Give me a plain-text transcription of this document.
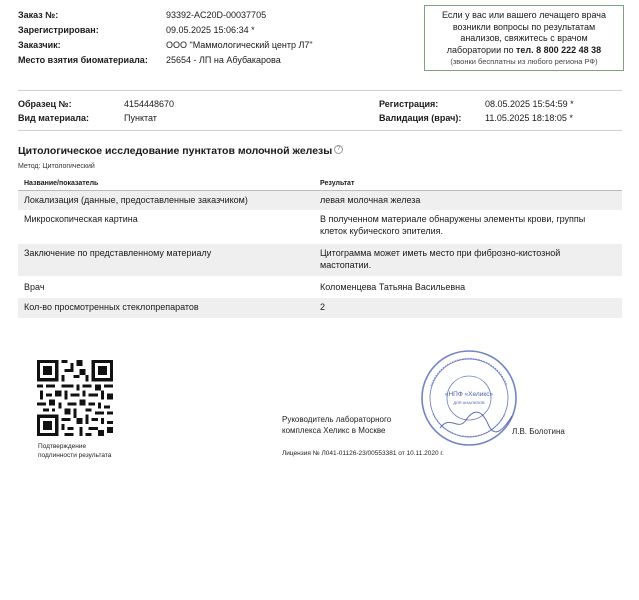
Заказ №:	93392-AC20D-00037705
Зарегистрирован:	09.05.2025 15:06:34 *
Заказчик:	ООО "Маммологический центр Л7"
Место взятия биоматериала: 25654 - ЛП на Абубакарова
Если у вас или вашего лечащего врача
возникли вопросы по результатам
анализов, свяжитесь с врачом
лаборатории по тел. 8 800 222 48 38
(звонки бесплатны из любого региона РФ)
Образец №:	4154448670
Вид материала:	Пунктат
Регистрация:	08.05.2025 15:54:59 *
Валидация (врач):	11.05.2025 18:18:05 *
Цитологическое исследование пунктатов молочной железы ?
Метод: Цитологический
Название/показатель	Результат
Локализация (данные, предоставленные заказчиком)	левая молочная железа
Микроскопическая картина	В полученном материале обнаружены элементы крови, группы клеток кубического эпителия.
Заключение по представленному материалу	Цитограмма может иметь место при фиброзно-кистозной мастопатии.
Врач	Коломенцева Татьяна Васильевна
Кол-во просмотренных стеклопрепаратов	2
Подтверждение
подлинности результата
«НПФ «Хеликс»
ДЛЯ АНАЛИЗОВ
Руководитель лабораторного
комплекса Хеликс в Москве	Л.В. Болотина
Лицензия № Л041-01126-23/00553381 от 10.11.2020 г.
